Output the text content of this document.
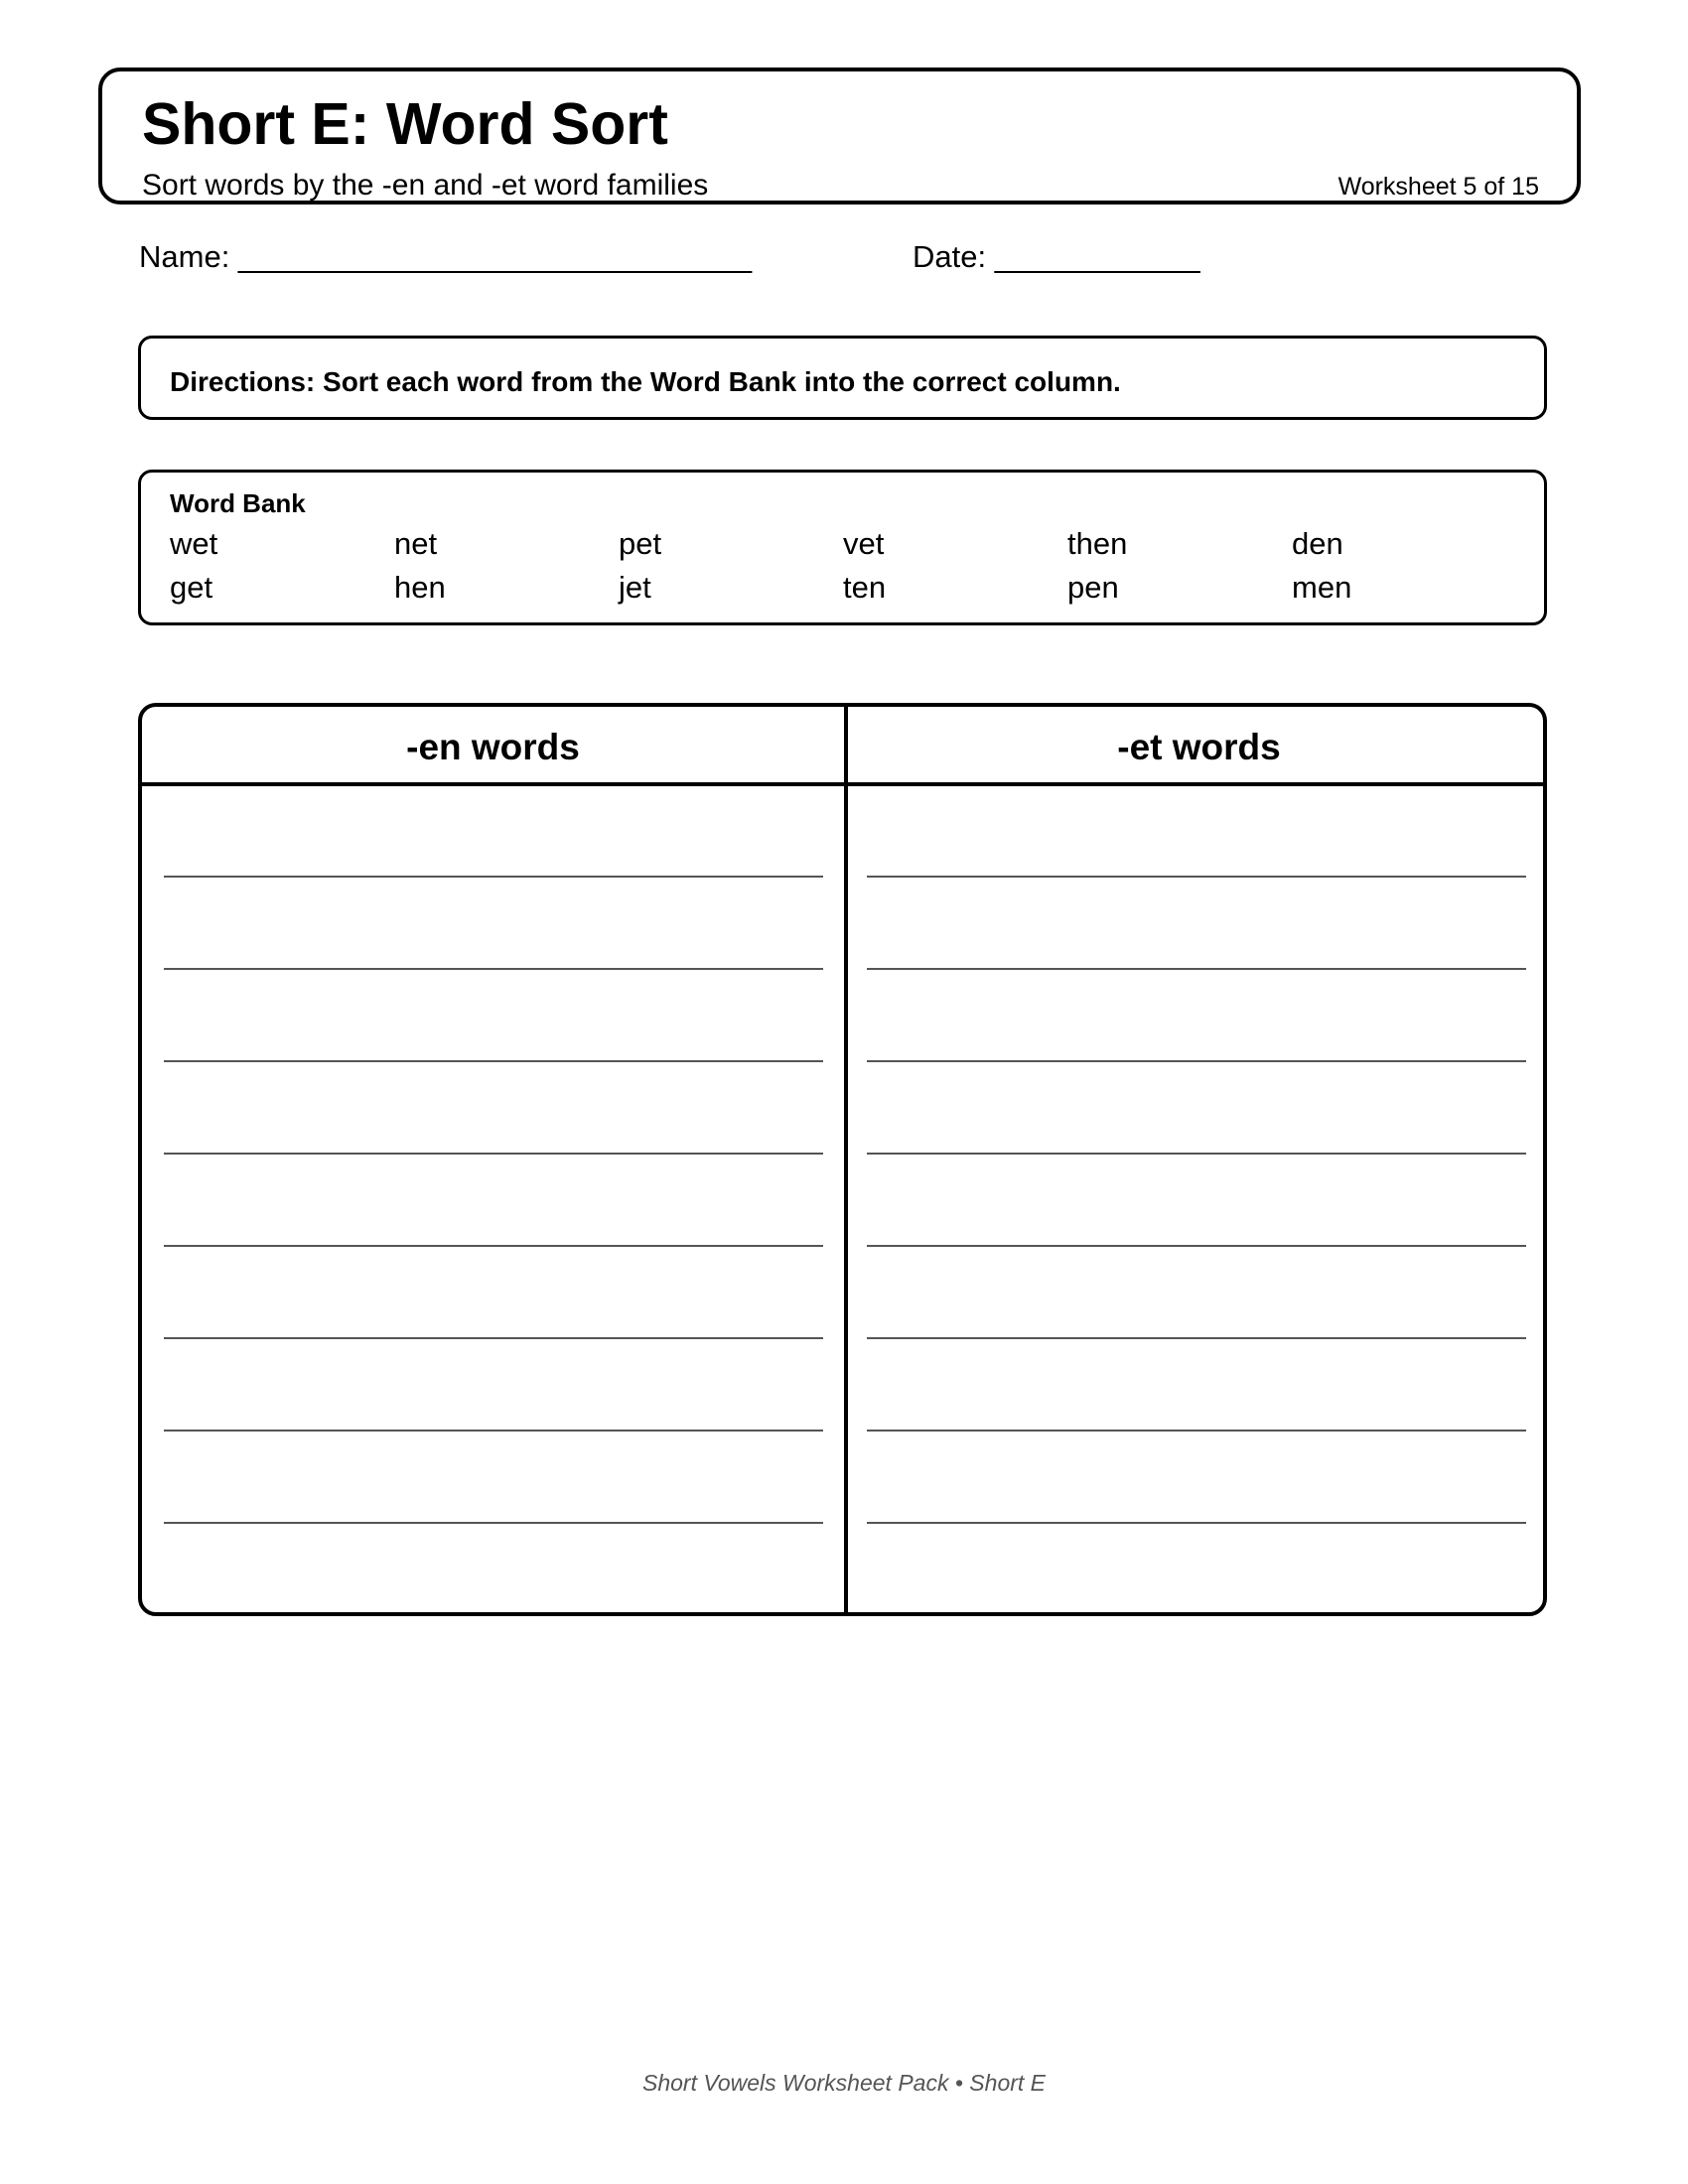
Short E: Word Sort
Sort words by the -en and -et word families	Worksheet 5 of 15
Name: ______________________________	Date: ____________
Directions: Sort each word from the Word Bank into the correct column.
Word Bank
wet	net	pet	vet	then	den
get	hen	jet	ten	pen	men
-en words	-et words
Short Vowels Worksheet Pack • Short E
